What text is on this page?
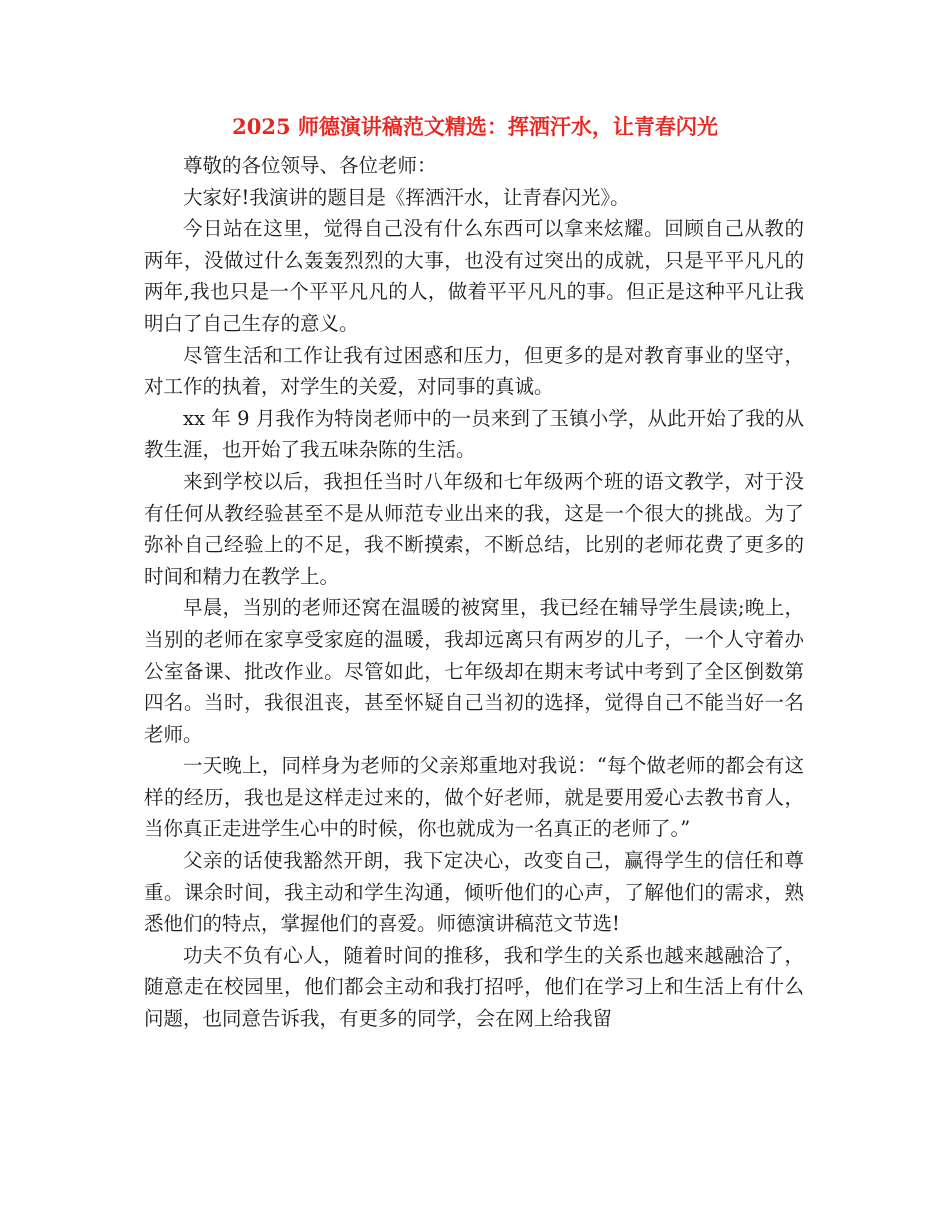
2025 师德演讲稿范文精选：挥洒汗水，让青春闪光

尊敬的各位领导、各位老师：

大家好!我演讲的题目是《挥洒汗水，让青春闪光》。

今日站在这里，觉得自己没有什么东西可以拿来炫耀。回顾自己从教的两年，没做过什么轰轰烈烈的大事，也没有过突出的成就，只是平平凡凡的两年,我也只是一个平平凡凡的人，做着平平凡凡的事。但正是这种平凡让我明白了自己生存的意义。

尽管生活和工作让我有过困惑和压力，但更多的是对教育事业的坚守，对工作的执着，对学生的关爱，对同事的真诚。

xx 年 9 月我作为特岗老师中的一员来到了玉镇小学，从此开始了我的从教生涯，也开始了我五味杂陈的生活。

来到学校以后，我担任当时八年级和七年级两个班的语文教学，对于没有任何从教经验甚至不是从师范专业出来的我，这是一个很大的挑战。为了弥补自己经验上的不足，我不断摸索，不断总结，比别的老师花费了更多的时间和精力在教学上。

早晨，当别的老师还窝在温暖的被窝里，我已经在辅导学生晨读;晚上，当别的老师在家享受家庭的温暖，我却远离只有两岁的儿子，一个人守着办公室备课、批改作业。尽管如此，七年级却在期末考试中考到了全区倒数第四名。当时，我很沮丧，甚至怀疑自己当初的选择，觉得自己不能当好一名老师。

一天晚上，同样身为老师的父亲郑重地对我说：“每个做老师的都会有这样的经历，我也是这样走过来的，做个好老师，就是要用爱心去教书育人，当你真正走进学生心中的时候，你也就成为一名真正的老师了。”

父亲的话使我豁然开朗，我下定决心，改变自己，赢得学生的信任和尊重。课余时间，我主动和学生沟通，倾听他们的心声，了解他们的需求，熟悉他们的特点，掌握他们的喜爱。师德演讲稿范文节选!

功夫不负有心人，随着时间的推移，我和学生的关系也越来越融洽了，随意走在校园里，他们都会主动和我打招呼，他们在学习上和生活上有什么问题，也同意告诉我，有更多的同学，会在网上给我留
